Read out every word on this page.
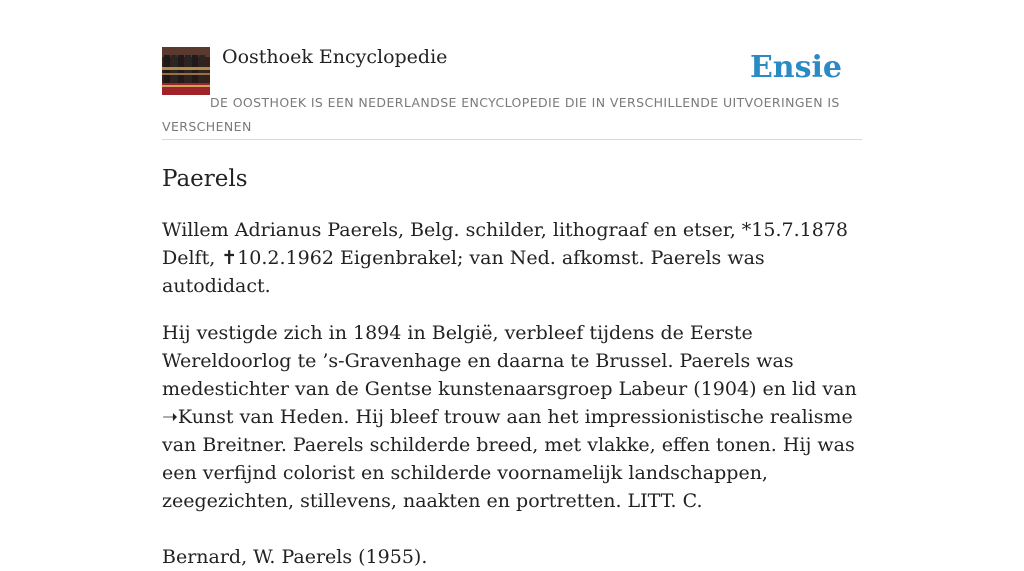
Oosthoek Encyclopedie	Ensie
DE OOSTHOEK IS EEN NEDERLANDSE ENCYCLOPEDIE DIE IN VERSCHILLENDE UITVOERINGEN IS VERSCHENEN
Paerels

Willem Adrianus Paerels, Belg. schilder, lithograaf en etser, *15.7.1878 Delft, ✝10.2.1962 Eigenbrakel; van Ned. afkomst. Paerels was autodidact.

Hij vestigde zich in 1894 in België, verbleef tijdens de Eerste Wereldoorlog te ’s-Gravenhage en daarna te Brussel. Paerels was medestichter van de Gentse kunstenaarsgroep Labeur (1904) en lid van ➝Kunst van Heden. Hij bleef trouw aan het impressionistische realisme van Breitner. Paerels schilderde breed, met vlakke, effen tonen. Hij was een verfijnd colorist en schilderde voornamelijk landschappen, zeegezichten, stillevens, naakten en portretten. LITT. C.

Bernard, W. Paerels (1955).
